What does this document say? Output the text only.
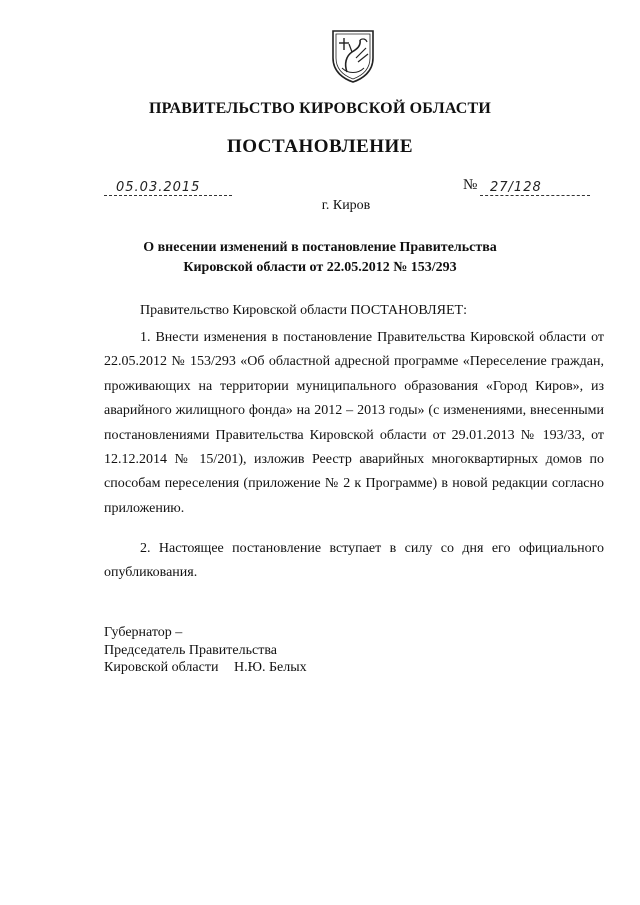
ПРАВИТЕЛЬСТВО КИРОВСКОЙ ОБЛАСТИ
ПОСТАНОВЛЕНИЕ
05.03.2015	№ 27/128
г. Киров
О внесении изменений в постановление Правительства
Кировской области от 22.05.2012 № 153/293
Правительство Кировской области ПОСТАНОВЛЯЕТ:
1. Внести изменения в постановление Правительства Кировской области от 22.05.2012 № 153/293 «Об областной адресной программе «Переселение граждан, проживающих на территории муниципального образования «Город Киров», из аварийного жилищного фонда» на 2012 – 2013 годы» (с изменениями, внесенными постановлениями Правительства Кировской области от 29.01.2013 № 193/33, от 12.12.2014 № 15/201), изложив Реестр аварийных многоквартирных домов по способам переселения (приложение № 2 к Программе) в новой редакции согласно приложению.
2. Настоящее постановление вступает в силу со дня его официального опубликования.
Губернатор –
Председатель Правительства
Кировской области Н.Ю. Белых
